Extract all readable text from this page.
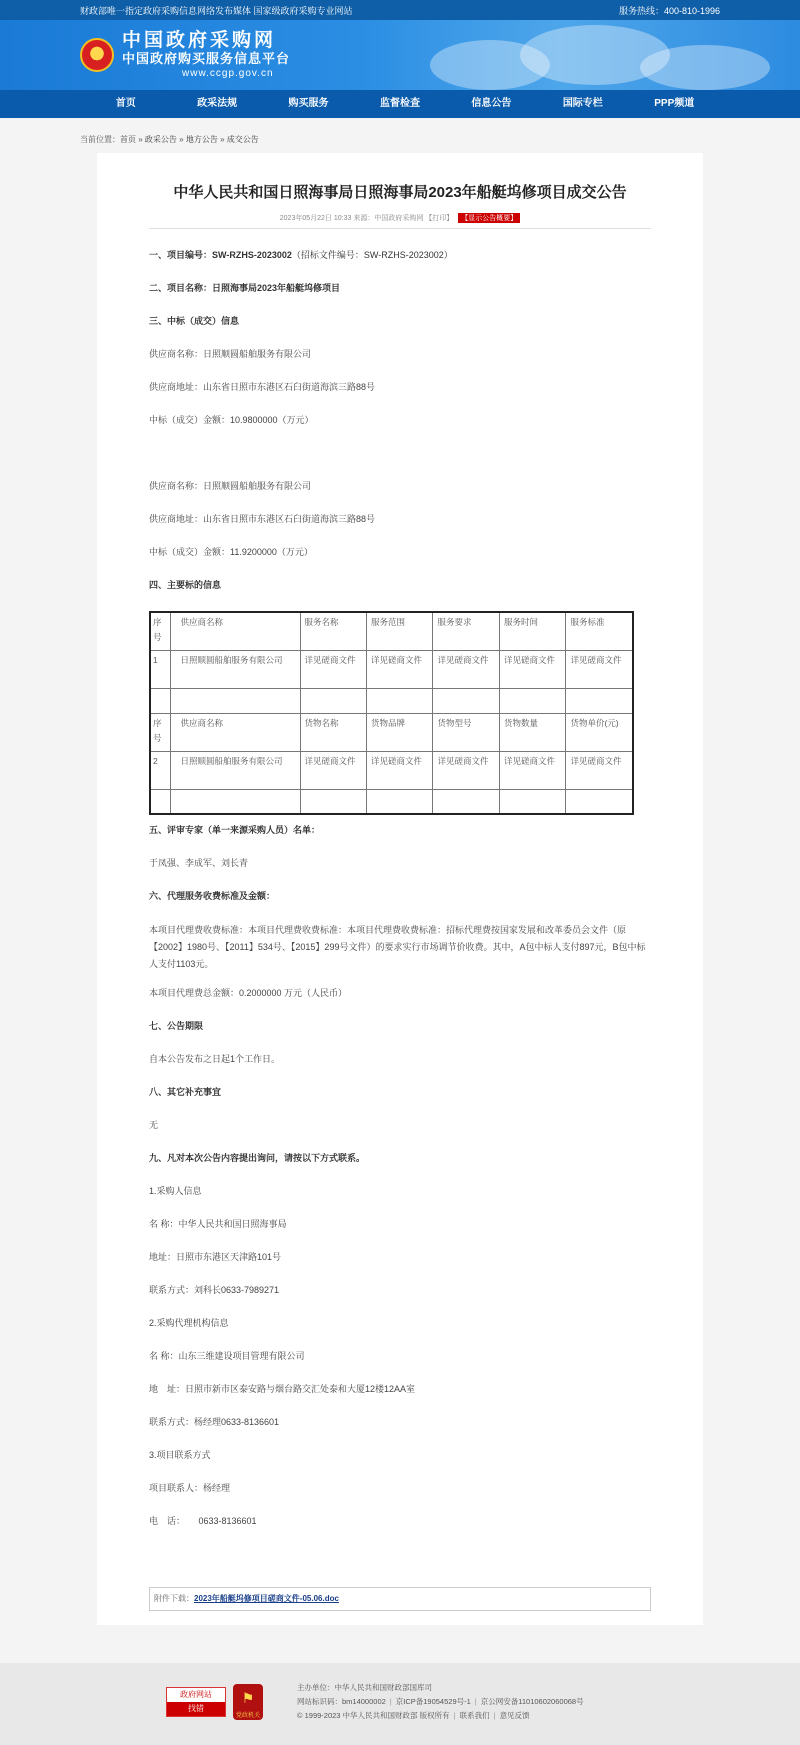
财政部唯一指定政府采购信息网络发布媒体 国家级政府采购专业网站	服务热线：400-810-1996
★
中国政府采购网
中国政府购买服务信息平台
www.ccgp.gov.cn
首页	政采法规	购买服务	监督检查	信息公告	国际专栏	PPP频道
当前位置：首页 » 政采公告 » 地方公告 » 成交公告
中华人民共和国日照海事局日照海事局2023年船艇坞修项目成交公告
2023年05月22日 10:33 来源：中国政府采购网 【打印】 【显示公告概要】

一、项目编号：SW-RZHS-2023002（招标文件编号：SW-RZHS-2023002）

二、项目名称：日照海事局2023年船艇坞修项目

三、中标（成交）信息

供应商名称：日照顺圆船舶服务有限公司

供应商地址：山东省日照市东港区石臼街道海滨三路88号

中标（成交）金额：10.9800000（万元）

供应商名称：日照顺圆船舶服务有限公司

供应商地址：山东省日照市东港区石臼街道海滨三路88号

中标（成交）金额：11.9200000（万元）

四、主要标的信息

序号	供应商名称	服务名称	服务范围	服务要求	服务时间	服务标准
1	日照顺圆船舶服务有限公司	详见磋商文件	详见磋商文件	详见磋商文件	详见磋商文件	详见磋商文件

序号	供应商名称	货物名称	货物品牌	货物型号	货物数量	货物单价(元)
2	日照顺圆船舶服务有限公司	详见磋商文件	详见磋商文件	详见磋商文件	详见磋商文件	详见磋商文件

五、评审专家（单一来源采购人员）名单：

于凤强、李成军、刘长青

六、代理服务收费标准及金额：

本项目代理费收费标准：本项目代理费收费标准：本项目代理费收费标准：招标代理费按国家发展和改革委员会文件（原【2002】1980号、【2011】534号、【2015】299号文件）的要求实行市场调节价收费。其中，A包中标人支付897元，B包中标人支付1103元。

本项目代理费总金额：0.2000000 万元（人民币）

七、公告期限

自本公告发布之日起1个工作日。

八、其它补充事宜

无

九、凡对本次公告内容提出询问，请按以下方式联系。

1.采购人信息

名 称：中华人民共和国日照海事局

地址：日照市东港区天津路101号

联系方式：刘科长0633-7989271

2.采购代理机构信息

名 称：山东三维建设项目管理有限公司

地　址：日照市新市区泰安路与烟台路交汇处泰和大厦12楼12AA室

联系方式：杨经理0633-8136601

3.项目联系方式

项目联系人：杨经理

电　话：　　0633-8136601

附件下载：2023年船艇坞修项目磋商文件-05.06.doc
政府网站
找错
⚑
党政机关
主办单位：中华人民共和国财政部国库司
网站标识码：bm14000002 | 京ICP备19054529号-1 | 京公网安备11010602060068号
© 1999-2023 中华人民共和国财政部 版权所有 | 联系我们 | 意见反馈
